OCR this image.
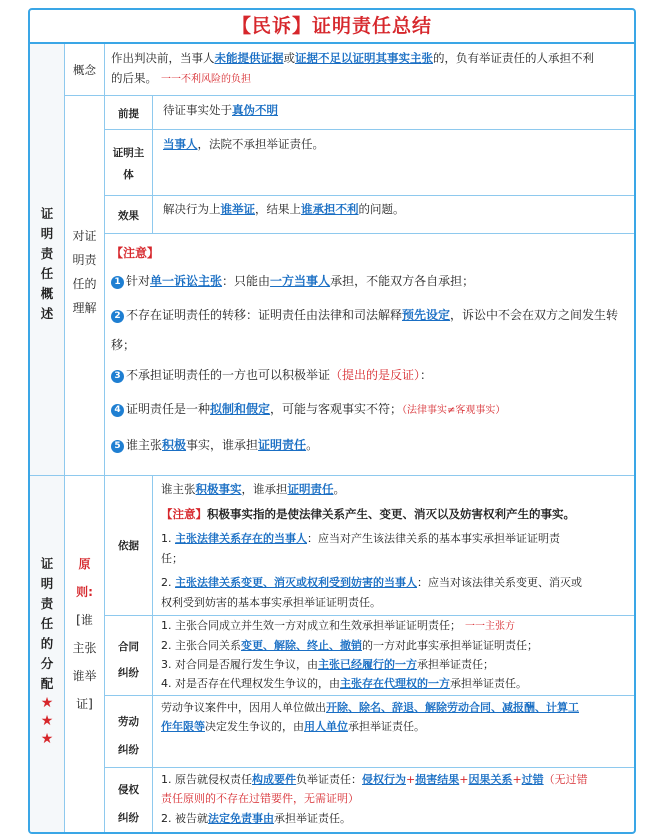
【民诉】证明责任总结
证
明
责
任
概
述
概念
作出判决前，当事人未能提供证据或证据不足以证明其事实主张的，负有举证责任的人承担不利
的后果。 一一不利风险的负担
对证
明责
任的
理解
前提	待证事实处于真伪不明
证明主
体
当事人，法院不承担举证责任。
效果	解决行为上谁举证，结果上谁承担不利的问题。
【注意】
1 针对单一诉讼主张：只能由一方当事人承担，不能双方各自承担；
2 不存在证明责任的转移：证明责任由法律和司法解释预先设定，诉讼中不会在双方之间发生转
移；
3 不承担证明责任的一方也可以积极举证（提出的是反证）：
4 证明责任是一种拟制和假定，可能与客观事实不符；（法律事实≠客观事实）
5 谁主张积极事实，谁承担证明责任。
证
明
责
任
的
分
配
★
★
★
原
则:
[谁
主张
谁举
证]
依据
谁主张积极事实，谁承担证明责任。
【注意】积极事实指的是使法律关系产生、变更、消灭以及妨害权利产生的事实。
1. 主张法律关系存在的当事人：应当对产生该法律关系的基本事实承担举证证明责
任；
2. 主张法律关系变更、消灭或权利受到妨害的当事人：应当对该法律关系变更、消灭或
权利受到妨害的基本事实承担举证证明责任。
合同
纠纷
1. 主张合同成立并生效一方对成立和生效承担举证证明责任； 一一主张方
2. 主张合同关系变更、解除、终止、撤销的一方对此事实承担举证证明责任；
3. 对合同是否履行发生争议，由主张已经履行的一方承担举证责任；
4. 对是否存在代理权发生争议的，由主张存在代理权的一方承担举证责任。
劳动
纠纷
劳动争议案件中，因用人单位做出开除、除名、辞退、解除劳动合同、减报酬、计算工
作年限等决定发生争议的，由用人单位承担举证责任。
侵权
纠纷
1. 原告就侵权责任构成要件负举证责任：侵权行为+损害结果+因果关系+过错（无过错
责任原则的不存在过错要件，无需证明）
2. 被告就法定免责事由承担举证责任。
